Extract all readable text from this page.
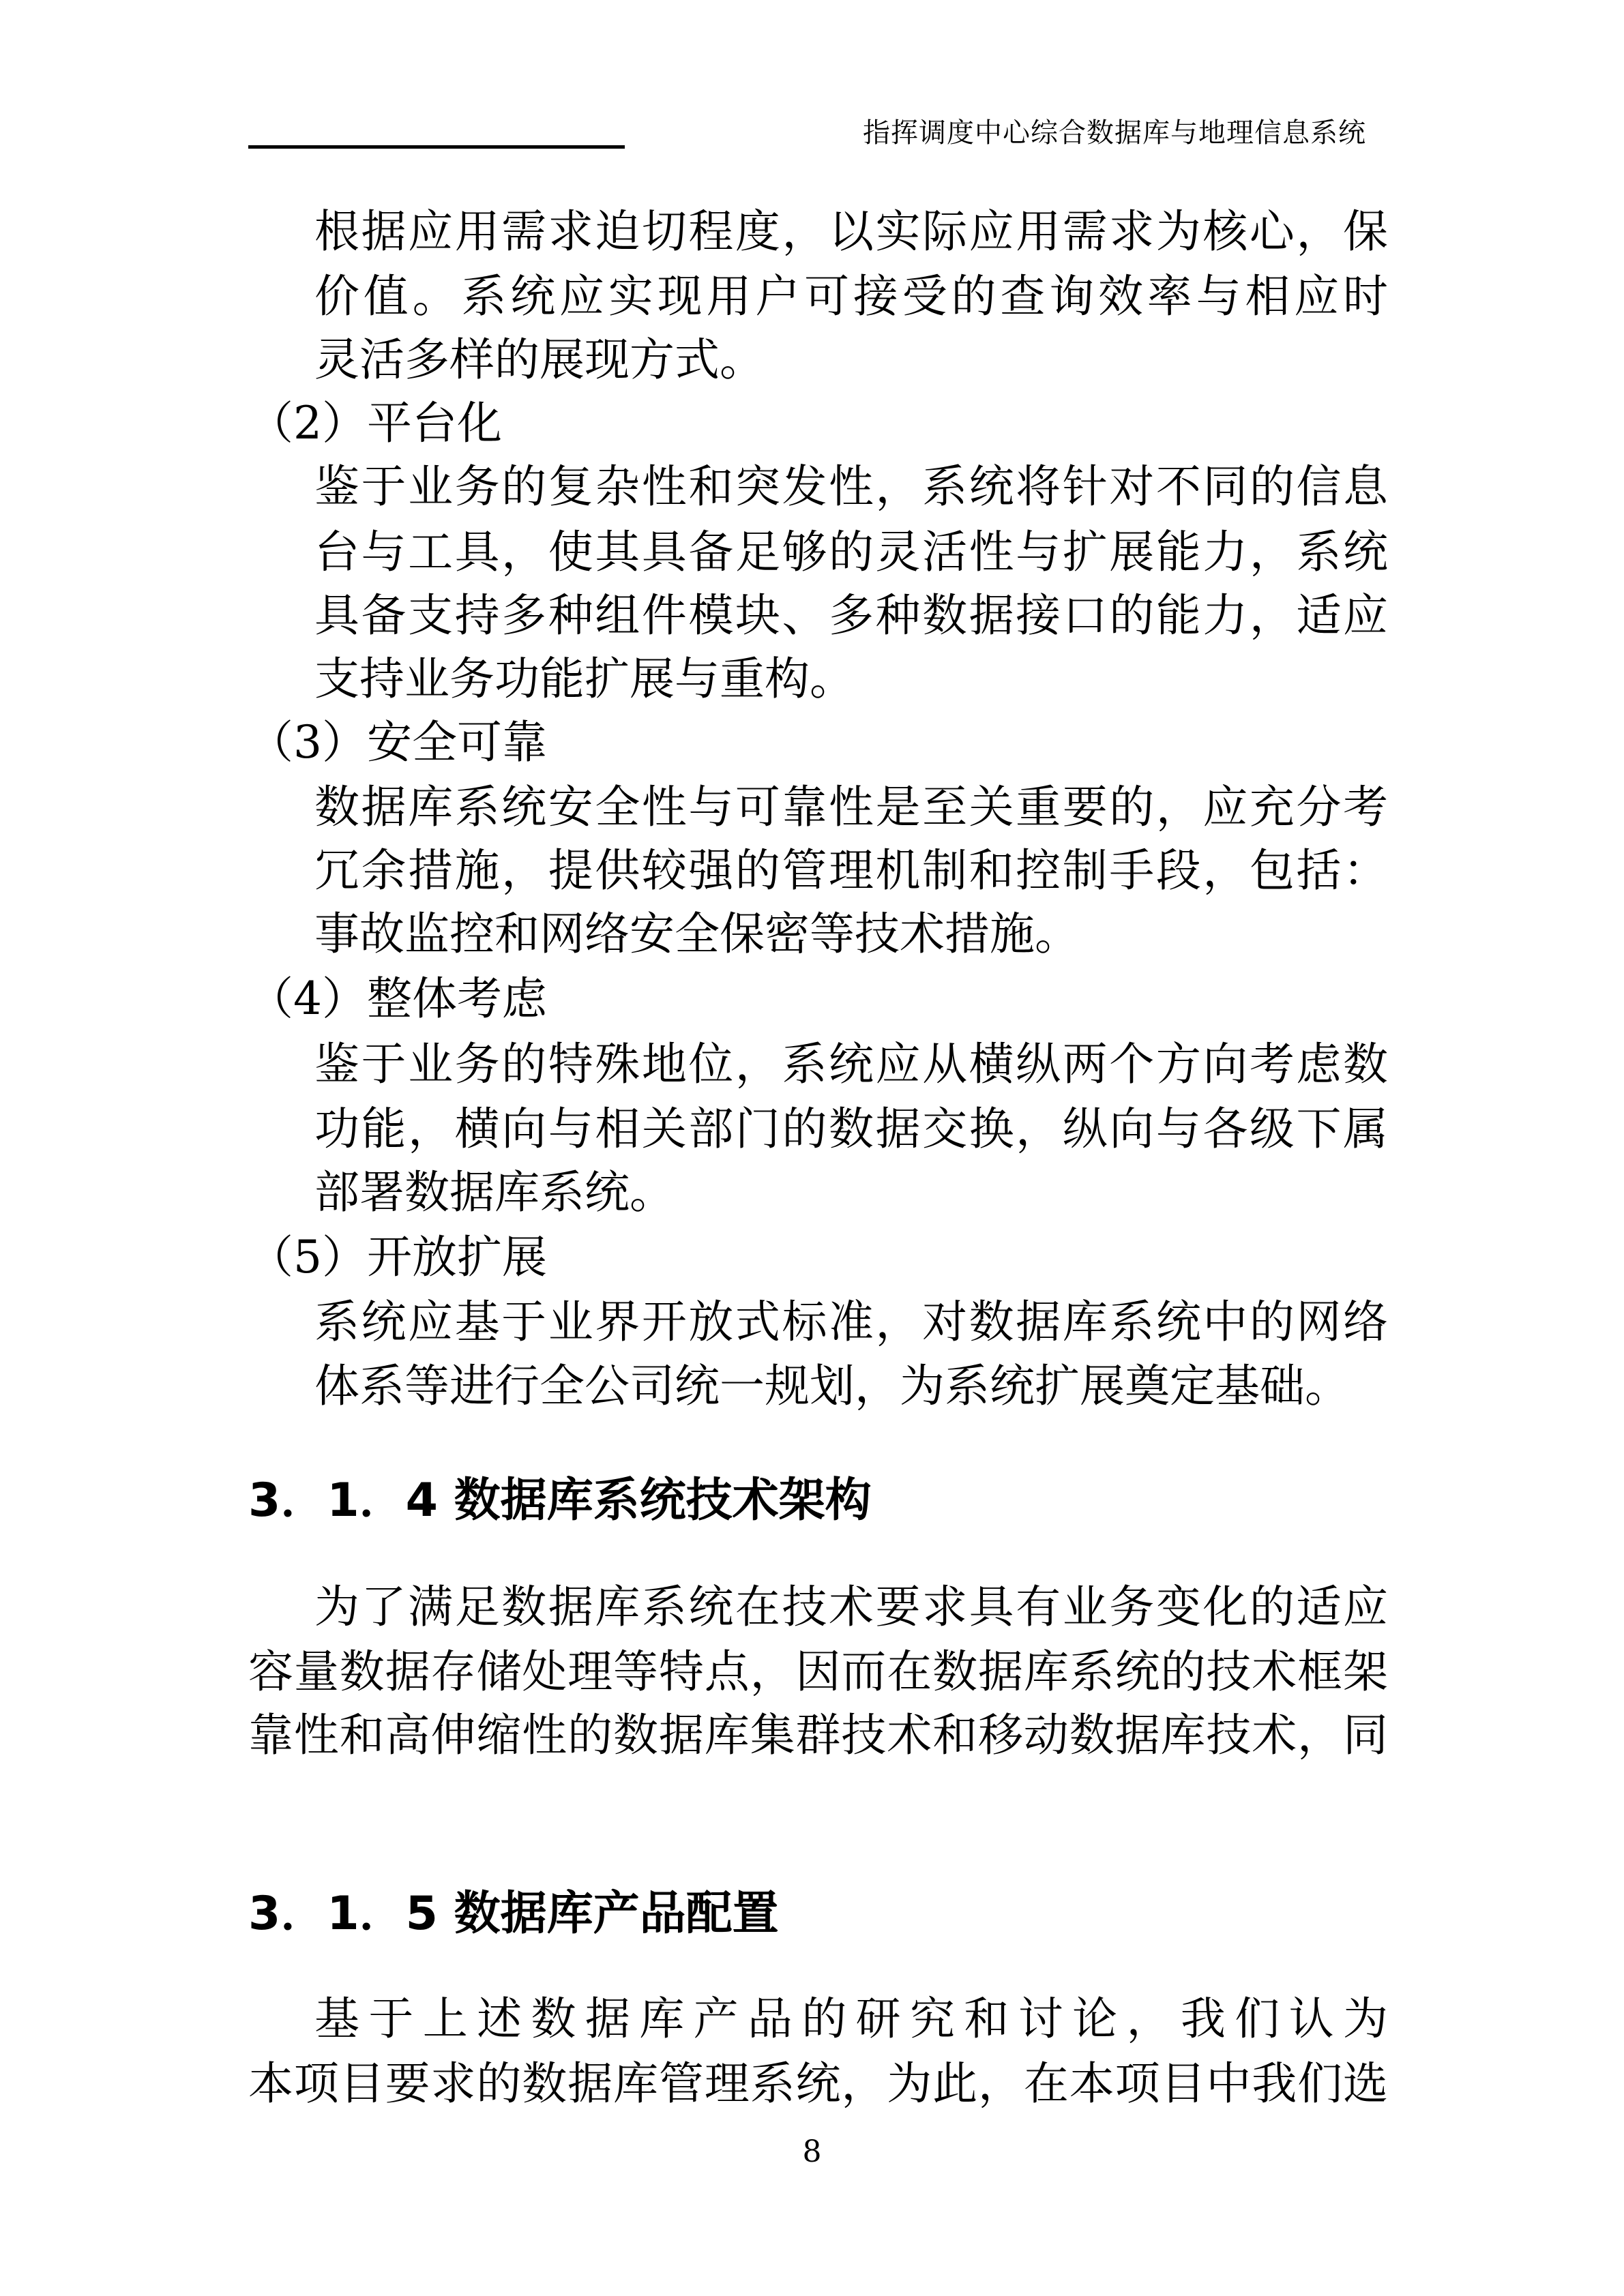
指挥调度中心综合数据库与地理信息系统
根据应用需求迫切程度，以实际应用需求为核心，保
价值。系统应实现用户可接受的查询效率与相应时
灵活多样的展现方式。
（2）平台化
鉴于业务的复杂性和突发性，系统将针对不同的信息
台与工具，使其具备足够的灵活性与扩展能力，系统
具备支持多种组件模块、多种数据接口的能力，适应
支持业务功能扩展与重构。
（3）安全可靠
数据库系统安全性与可靠性是至关重要的，应充分考
冗余措施，提供较强的管理机制和控制手段，包括：
事故监控和网络安全保密等技术措施。
（4）整体考虑
鉴于业务的特殊地位，系统应从横纵两个方向考虑数
功能，横向与相关部门的数据交换，纵向与各级下属
部署数据库系统。
（5）开放扩展
系统应基于业界开放式标准，对数据库系统中的网络
体系等进行全公司统一规划，为系统扩展奠定基础。
3．1．4 数据库系统技术架构
为了满足数据库系统在技术要求具有业务变化的适应
容量数据存储处理等特点，因而在数据库系统的技术框架
靠性和高伸缩性的数据库集群技术和移动数据库技术，同
3．1．5 数据库产品配置
基于上述数据库产品的研究和讨论，我们认为
本项目要求的数据库管理系统，为此，在本项目中我们选
8
